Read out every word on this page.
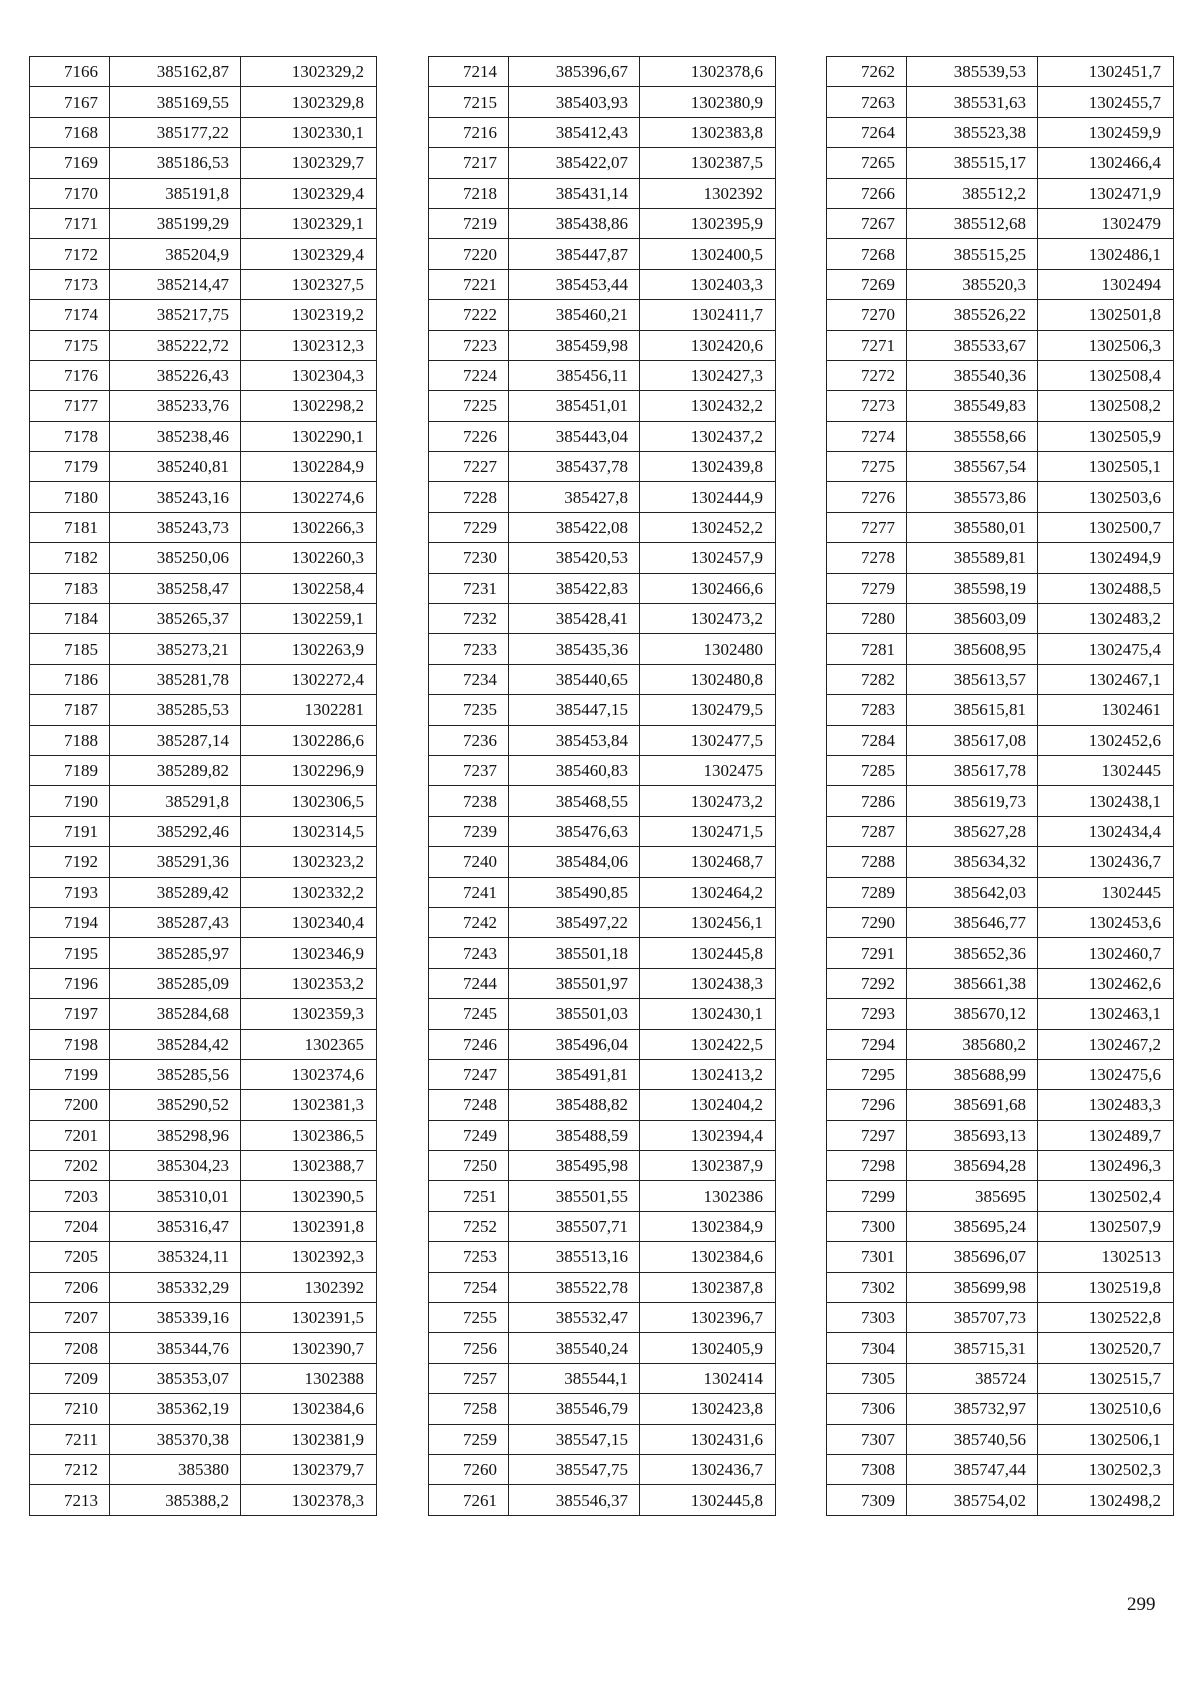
7166	385162,87	1302329,2
7167	385169,55	1302329,8
7168	385177,22	1302330,1
7169	385186,53	1302329,7
7170	385191,8	1302329,4
7171	385199,29	1302329,1
7172	385204,9	1302329,4
7173	385214,47	1302327,5
7174	385217,75	1302319,2
7175	385222,72	1302312,3
7176	385226,43	1302304,3
7177	385233,76	1302298,2
7178	385238,46	1302290,1
7179	385240,81	1302284,9
7180	385243,16	1302274,6
7181	385243,73	1302266,3
7182	385250,06	1302260,3
7183	385258,47	1302258,4
7184	385265,37	1302259,1
7185	385273,21	1302263,9
7186	385281,78	1302272,4
7187	385285,53	1302281
7188	385287,14	1302286,6
7189	385289,82	1302296,9
7190	385291,8	1302306,5
7191	385292,46	1302314,5
7192	385291,36	1302323,2
7193	385289,42	1302332,2
7194	385287,43	1302340,4
7195	385285,97	1302346,9
7196	385285,09	1302353,2
7197	385284,68	1302359,3
7198	385284,42	1302365
7199	385285,56	1302374,6
7200	385290,52	1302381,3
7201	385298,96	1302386,5
7202	385304,23	1302388,7
7203	385310,01	1302390,5
7204	385316,47	1302391,8
7205	385324,11	1302392,3
7206	385332,29	1302392
7207	385339,16	1302391,5
7208	385344,76	1302390,7
7209	385353,07	1302388
7210	385362,19	1302384,6
7211	385370,38	1302381,9
7212	385380	1302379,7
7213	385388,2	1302378,3
7214	385396,67	1302378,6
7215	385403,93	1302380,9
7216	385412,43	1302383,8
7217	385422,07	1302387,5
7218	385431,14	1302392
7219	385438,86	1302395,9
7220	385447,87	1302400,5
7221	385453,44	1302403,3
7222	385460,21	1302411,7
7223	385459,98	1302420,6
7224	385456,11	1302427,3
7225	385451,01	1302432,2
7226	385443,04	1302437,2
7227	385437,78	1302439,8
7228	385427,8	1302444,9
7229	385422,08	1302452,2
7230	385420,53	1302457,9
7231	385422,83	1302466,6
7232	385428,41	1302473,2
7233	385435,36	1302480
7234	385440,65	1302480,8
7235	385447,15	1302479,5
7236	385453,84	1302477,5
7237	385460,83	1302475
7238	385468,55	1302473,2
7239	385476,63	1302471,5
7240	385484,06	1302468,7
7241	385490,85	1302464,2
7242	385497,22	1302456,1
7243	385501,18	1302445,8
7244	385501,97	1302438,3
7245	385501,03	1302430,1
7246	385496,04	1302422,5
7247	385491,81	1302413,2
7248	385488,82	1302404,2
7249	385488,59	1302394,4
7250	385495,98	1302387,9
7251	385501,55	1302386
7252	385507,71	1302384,9
7253	385513,16	1302384,6
7254	385522,78	1302387,8
7255	385532,47	1302396,7
7256	385540,24	1302405,9
7257	385544,1	1302414
7258	385546,79	1302423,8
7259	385547,15	1302431,6
7260	385547,75	1302436,7
7261	385546,37	1302445,8
7262	385539,53	1302451,7
7263	385531,63	1302455,7
7264	385523,38	1302459,9
7265	385515,17	1302466,4
7266	385512,2	1302471,9
7267	385512,68	1302479
7268	385515,25	1302486,1
7269	385520,3	1302494
7270	385526,22	1302501,8
7271	385533,67	1302506,3
7272	385540,36	1302508,4
7273	385549,83	1302508,2
7274	385558,66	1302505,9
7275	385567,54	1302505,1
7276	385573,86	1302503,6
7277	385580,01	1302500,7
7278	385589,81	1302494,9
7279	385598,19	1302488,5
7280	385603,09	1302483,2
7281	385608,95	1302475,4
7282	385613,57	1302467,1
7283	385615,81	1302461
7284	385617,08	1302452,6
7285	385617,78	1302445
7286	385619,73	1302438,1
7287	385627,28	1302434,4
7288	385634,32	1302436,7
7289	385642,03	1302445
7290	385646,77	1302453,6
7291	385652,36	1302460,7
7292	385661,38	1302462,6
7293	385670,12	1302463,1
7294	385680,2	1302467,2
7295	385688,99	1302475,6
7296	385691,68	1302483,3
7297	385693,13	1302489,7
7298	385694,28	1302496,3
7299	385695	1302502,4
7300	385695,24	1302507,9
7301	385696,07	1302513
7302	385699,98	1302519,8
7303	385707,73	1302522,8
7304	385715,31	1302520,7
7305	385724	1302515,7
7306	385732,97	1302510,6
7307	385740,56	1302506,1
7308	385747,44	1302502,3
7309	385754,02	1302498,2
299
